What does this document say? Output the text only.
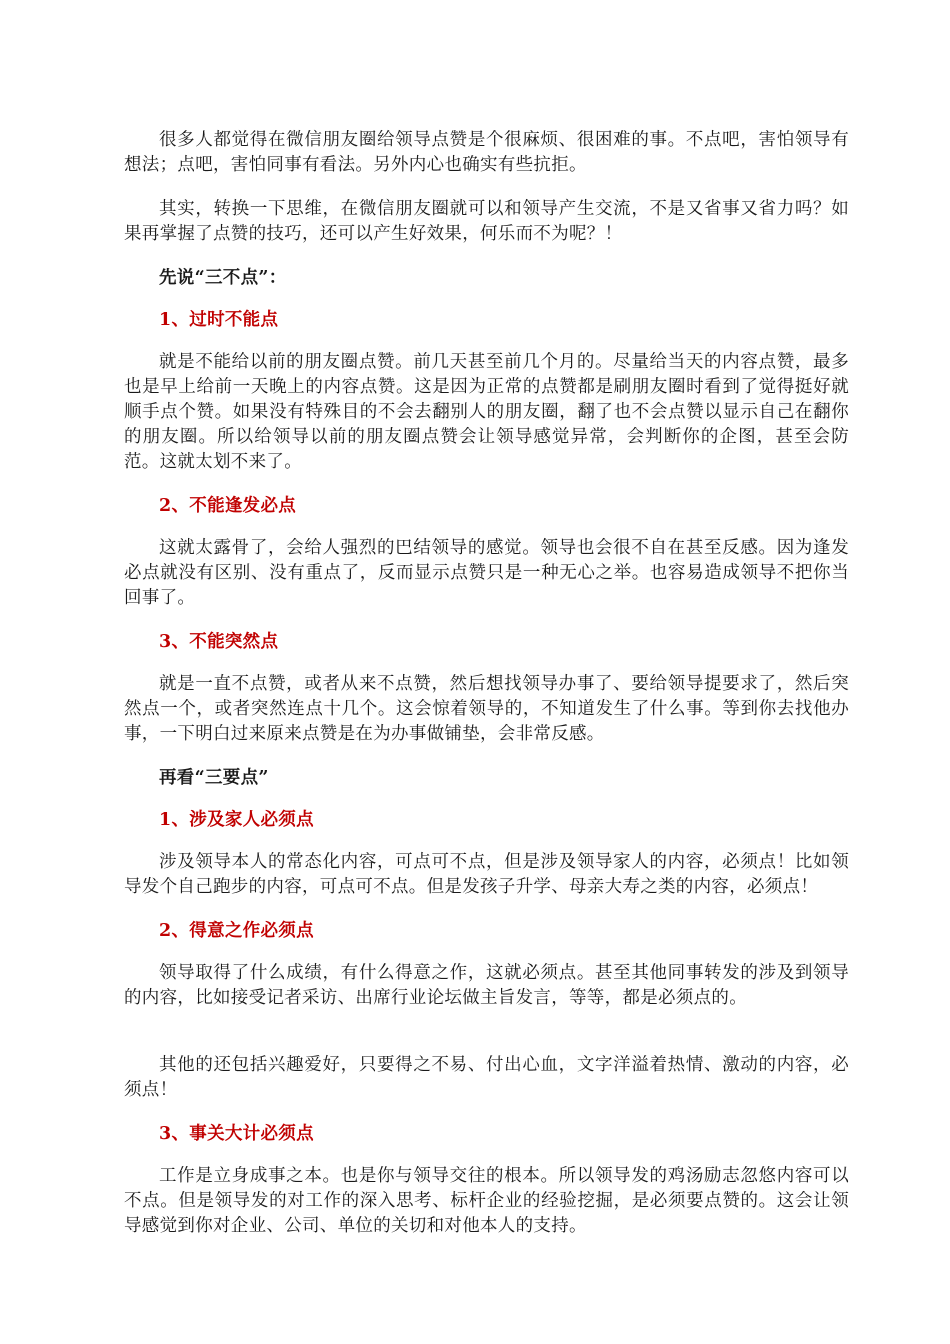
很多人都觉得在微信朋友圈给领导点赞是个很麻烦、很困难的事。不点吧，害怕领导有想法；点吧，害怕同事有看法。另外内心也确实有些抗拒。

其实，转换一下思维，在微信朋友圈就可以和领导产生交流，不是又省事又省力吗？如果再掌握了点赞的技巧，还可以产生好效果，何乐而不为呢？！

先说“三不点”：

1、过时不能点

就是不能给以前的朋友圈点赞。前几天甚至前几个月的。尽量给当天的内容点赞，最多也是早上给前一天晚上的内容点赞。这是因为正常的点赞都是刷朋友圈时看到了觉得挺好就顺手点个赞。如果没有特殊目的不会去翻别人的朋友圈，翻了也不会点赞以显示自己在翻你的朋友圈。所以给领导以前的朋友圈点赞会让领导感觉异常，会判断你的企图，甚至会防范。这就太划不来了。

2、不能逢发必点

这就太露骨了，会给人强烈的巴结领导的感觉。领导也会很不自在甚至反感。因为逢发必点就没有区别、没有重点了，反而显示点赞只是一种无心之举。也容易造成领导不把你当回事了。

3、不能突然点

就是一直不点赞，或者从来不点赞，然后想找领导办事了、要给领导提要求了，然后突然点一个，或者突然连点十几个。这会惊着领导的，不知道发生了什么事。等到你去找他办事，一下明白过来原来点赞是在为办事做铺垫，会非常反感。

再看“三要点”

1、涉及家人必须点

涉及领导本人的常态化内容，可点可不点，但是涉及领导家人的内容，必须点！比如领导发个自己跑步的内容，可点可不点。但是发孩子升学、母亲大寿之类的内容，必须点！

2、得意之作必须点

领导取得了什么成绩，有什么得意之作，这就必须点。甚至其他同事转发的涉及到领导的内容，比如接受记者采访、出席行业论坛做主旨发言，等等，都是必须点的。

其他的还包括兴趣爱好，只要得之不易、付出心血，文字洋溢着热情、激动的内容，必须点！

3、事关大计必须点

工作是立身成事之本。也是你与领导交往的根本。所以领导发的鸡汤励志忽悠内容可以不点。但是领导发的对工作的深入思考、标杆企业的经验挖掘，是必须要点赞的。这会让领导感觉到你对企业、公司、单位的关切和对他本人的支持。
